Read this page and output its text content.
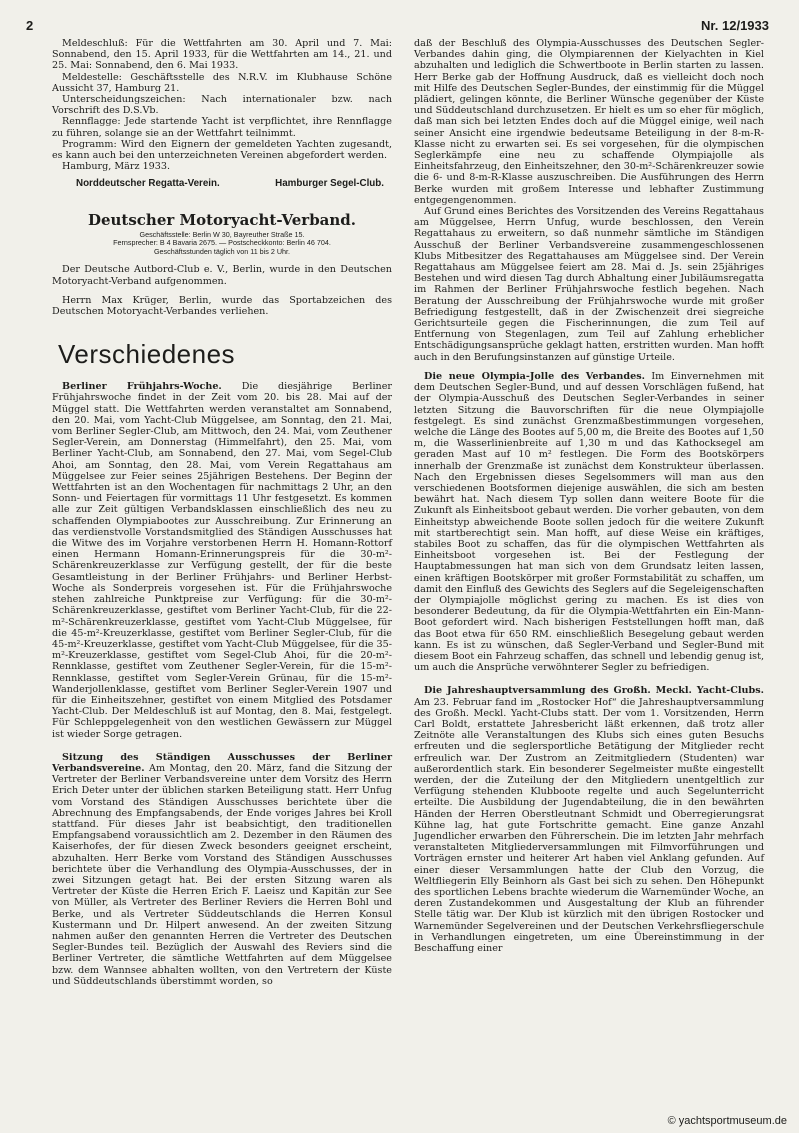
2	Nr. 12/1933

Meldeschluß: Für die Wettfahrten am 30. April und 7. Mai: Sonnabend, den 15. April 1933, für die Wettfahrten am 14., 21. und 25. Mai: Sonnabend, den 6. Mai 1933.

Meldestelle: Geschäftsstelle des N.R.V. im Klubhause Schöne Aussicht 37, Hamburg 21.

Unterscheidungszeichen: Nach internationaler bzw. nach Vorschrift des D.S.Vb.

Rennflagge: Jede startende Yacht ist verpflichtet, ihre Rennflagge zu führen, solange sie an der Wettfahrt teilnimmt.

Programm: Wird den Eignern der gemeldeten Yachten zugesandt, es kann auch bei den unterzeichneten Vereinen abgefordert werden.

Hamburg, März 1933.

Norddeutscher Regatta-Verein.	Hamburger Segel-Club.
Deutscher Motoryacht-Verband.
Geschäftsstelle: Berlin W 30, Bayreuther Straße 15.
Fernsprecher: B 4 Bavaria 2675. — Postscheckkonto: Berlin 46 704.
Geschäftsstunden täglich von 11 bis 2 Uhr.

Der Deutsche Autbord-Club e. V., Berlin, wurde in den Deutschen Motoryacht-Verband aufgenommen.

Herrn Max Krüger, Berlin, wurde das Sportabzeichen des Deutschen Motoryacht-Verbandes verliehen.

Verschiedenes

Berliner Frühjahrs-Woche. Die diesjährige Berliner Frühjahrswoche findet in der Zeit vom 20. bis 28. Mai auf der Müggel statt. Die Wettfahrten werden veranstaltet am Sonnabend, den 20. Mai, vom Yacht-Club Müggelsee, am Sonntag, den 21. Mai, vom Berliner Segler-Club, am Mittwoch, den 24. Mai, vom Zeuthener Segler-Verein, am Donnerstag (Himmelfahrt), den 25. Mai, vom Berliner Yacht-Club, am Sonnabend, den 27. Mai, vom Segel-Club Ahoi, am Sonntag, den 28. Mai, vom Verein Regattahaus am Müggelsee zur Feier seines 25jährigen Bestehens. Der Beginn der Wettfahrten ist an den Wochentagen für nachmittags 2 Uhr, an den Sonn- und Feiertagen für vormittags 11 Uhr festgesetzt. Es kommen alle zur Zeit gültigen Verbandsklassen einschließlich des neu zu schaffenden Olympiabootes zur Ausschreibung. Zur Erinnerung an das verdienstvolle Vorstandsmitglied des Ständigen Ausschusses hat die Witwe des im Vorjahre verstorbenen Herrn H. Homann-Rottorf einen Hermann Homann-Erinnerungspreis für die 30-m²-Schärenkreuzerklasse zur Verfügung gestellt, der für die beste Gesamtleistung in der Berliner Frühjahrs- und Berliner Herbst-Woche als Sonderpreis vorgesehen ist. Für die Frühjahrswoche stehen zahlreiche Punktpreise zur Verfügung: für die 30-m²-Schärenkreuzerklasse, gestiftet vom Berliner Yacht-Club, für die 22-m²-Schärenkreuzerklasse, gestiftet vom Yacht-Club Müggelsee, für die 45-m²-Kreuzerklasse, gestiftet vom Berliner Segler-Club, für die 45-m²-Kreuzerklasse, gestiftet vom Yacht-Club Müggelsee, für die 35-m²-Kreuzerklasse, gestiftet vom Segel-Club Ahoi, für die 20-m²-Rennklasse, gestiftet vom Zeuthener Segler-Verein, für die 15-m²-Rennklasse, gestiftet vom Segler-Verein Grünau, für die 15-m²-Wanderjollenklasse, gestiftet vom Berliner Segler-Verein 1907 und für die Einheitszehner, gestiftet von einem Mitglied des Potsdamer Yacht-Club. Der Meldeschluß ist auf Montag, den 8. Mai, festgelegt. Für Schleppgelegenheit von den westlichen Gewässern zur Müggel ist wieder Sorge getragen.

Sitzung des Ständigen Ausschusses der Berliner Verbandsvereine. Am Montag, den 20. März, fand die Sitzung der Vertreter der Berliner Verbandsvereine unter dem Vorsitz des Herrn Erich Deter unter der üblichen starken Beteiligung statt. Herr Unfug vom Vorstand des Ständigen Ausschusses berichtete über die Abrechnung des Empfangsabends, der Ende voriges Jahres bei Kroll stattfand. Für dieses Jahr ist beabsichtigt, den traditionellen Empfangsabend voraussichtlich am 2. Dezember in den Räumen des Kaiserhofes, der für diesen Zweck besonders geeignet erscheint, abzuhalten. Herr Berke vom Vorstand des Ständigen Ausschusses berichtete über die Verhandlung des Olympia-Ausschusses, der in zwei Sitzungen getagt hat. Bei der ersten Sitzung waren als Vertreter der Küste die Herren Erich F. Laeisz und Kapitän zur See von Müller, als Vertreter des Berliner Reviers die Herren Bohl und Berke, und als Vertreter Süddeutschlands die Herren Konsul Kustermann und Dr. Hilpert anwesend. An der zweiten Sitzung nahmen außer den genannten Herren die Vertreter des Deutschen Segler-Bundes teil. Bezüglich der Auswahl des Reviers sind die Berliner Vertreter, die sämtliche Wettfahrten auf dem Müggelsee bzw. dem Wannsee abhalten wollten, von den Vertretern der Küste und Süddeutschlands überstimmt worden, so

daß der Beschluß des Olympia-Ausschusses des Deutschen Segler-Verbandes dahin ging, die Olympiarennen der Kielyachten in Kiel abzuhalten und lediglich die Schwertboote in Berlin starten zu lassen. Herr Berke gab der Hoffnung Ausdruck, daß es vielleicht doch noch mit Hilfe des Deutschen Segler-Bundes, der einstimmig für die Müggel plädiert, gelingen könnte, die Berliner Wünsche gegenüber der Küste und Süddeutschland durchzusetzen. Er hielt es um so eher für möglich, daß man sich bei letzten Endes doch auf die Müggel einige, weil nach seiner Ansicht eine irgendwie bedeutsame Beteiligung in der 8-m-R-Klasse nicht zu erwarten sei. Es sei vorgesehen, für die olympischen Seglerkämpfe eine neu zu schaffende Olympiajolle als Einheitsfahrzeug, den Einheitszehner, den 30-m²-Schärenkreuzer sowie die 6- und 8-m-R-Klasse auszuschreiben. Die Ausführungen des Herrn Berke wurden mit großem Interesse und lebhafter Zustimmung entgegengenommen.

Auf Grund eines Berichtes des Vorsitzenden des Vereins Regattahaus am Müggelsee, Herrn Unfug, wurde beschlossen, den Verein Regattahaus zu erweitern, so daß nunmehr sämtliche im Ständigen Ausschuß der Berliner Verbandsvereine zusammengeschlossenen Klubs Mitbesitzer des Regattahauses am Müggelsee sind. Der Verein Regattahaus am Müggelsee feiert am 28. Mai d. Js. sein 25jähriges Bestehen und wird diesen Tag durch Abhaltung einer Jubiläumsregatta im Rahmen der Berliner Frühjahrswoche festlich begehen. Nach Beratung der Ausschreibung der Frühjahrswoche wurde mit großer Befriedigung festgestellt, daß in der Zwischenzeit drei siegreiche Gerichtsurteile gegen die Fischerinnungen, die zum Teil auf Entfernung von Stegenlagen, zum Teil auf Zahlung erheblicher Entschädigungsansprüche geklagt hatten, erstritten wurden. Man hofft auch in den Berufungsinstanzen auf günstige Urteile.

Die neue Olympia-Jolle des Verbandes. Im Einvernehmen mit dem Deutschen Segler-Bund, und auf dessen Vorschlägen fußend, hat der Olympia-Ausschuß des Deutschen Segler-Verbandes in seiner letzten Sitzung die Bauvorschriften für die neue Olympiajolle festgelegt. Es sind zunächst Grenzmaßbestimmungen vorgesehen, welche die Länge des Bootes auf 5,00 m, die Breite des Bootes auf 1,50 m, die Wasserlinienbreite auf 1,30 m und das Kathocksegel am geraden Mast auf 10 m² festlegen. Die Form des Bootskörpers innerhalb der Grenzmaße ist zunächst dem Konstrukteur überlassen. Nach den Ergebnissen dieses Segelsommers will man aus den verschiedenen Bootsformen diejenige auswählen, die sich am besten bewährt hat. Nach diesem Typ sollen dann weitere Boote für die Zukunft als Einheitsboot gebaut werden. Die vorher gebauten, von dem Einheitstyp abweichende Boote sollen jedoch für die weitere Zukunft mit startberechtigt sein. Man hofft, auf diese Weise ein kräftiges, stabiles Boot zu schaffen, das für die olympischen Wettfahrten als Einheitsboot vorgesehen ist. Bei der Festlegung der Hauptabmessungen hat man sich von dem Grundsatz leiten lassen, einen kräftigen Bootskörper mit großer Formstabilität zu schaffen, um damit den Einfluß des Gewichts des Seglers auf die Segeleigenschaften der Olympiajolle möglichst gering zu machen. Es ist dies von besonderer Bedeutung, da für die Olympia-Wettfahrten ein Ein-Mann-Boot gefordert wird. Nach bisherigen Feststellungen hofft man, daß das Boot etwa für 650 RM. einschließlich Besegelung gebaut werden kann. Es ist zu wünschen, daß Segler-Verband und Segler-Bund mit diesem Boot ein Fahrzeug schaffen, das schnell und lebendig genug ist, um auch die Ansprüche verwöhnterer Segler zu befriedigen.

Die Jahreshauptversammlung des Großh. Meckl. Yacht-Clubs. Am 23. Februar fand im „Rostocker Hof“ die Jahreshauptversammlung des Großh. Meckl. Yacht-Clubs statt. Der vom 1. Vorsitzenden, Herrn Carl Boldt, erstattete Jahresbericht läßt erkennen, daß trotz aller Zeitnöte alle Veranstaltungen des Klubs sich eines guten Besuchs erfreuten und die seglersportliche Betätigung der Mitglieder recht erfreulich war. Der Zustrom an Zeitmitgliedern (Studenten) war außerordentlich stark. Ein besonderer Segelmeister mußte eingestellt werden, der die Zuteilung der den Mitgliedern unentgeltlich zur Verfügung stehenden Klubboote regelte und auch Segelunterricht erteilte. Die Ausbildung der Jugendabteilung, die in den bewährten Händen der Herren Oberstleutnant Schmidt und Oberregierungsrat Kühne lag, hat gute Fortschritte gemacht. Eine ganze Anzahl Jugendlicher erwarben den Führerschein. Die im letzten Jahr mehrfach veranstalteten Mitgliederversammlungen mit Filmvorführungen und Vorträgen ernster und heiterer Art haben viel Anklang gefunden. Auf einer dieser Versammlungen hatte der Club den Vorzug, die Weltfliegerin Elly Beinhorn als Gast bei sich zu sehen. Den Höhepunkt des sportlichen Lebens brachte wiederum die Warnemünder Woche, an deren Zustandekommen und Ausgestaltung der Klub an führender Stelle tätig war. Der Klub ist kürzlich mit den übrigen Rostocker und Warnemünder Segelvereinen und der Deutschen Verkehrsfliegerschule in Verhandlungen eingetreten, um eine Übereinstimmung in der Beschaffung einer

© yachtsportmuseum.de
